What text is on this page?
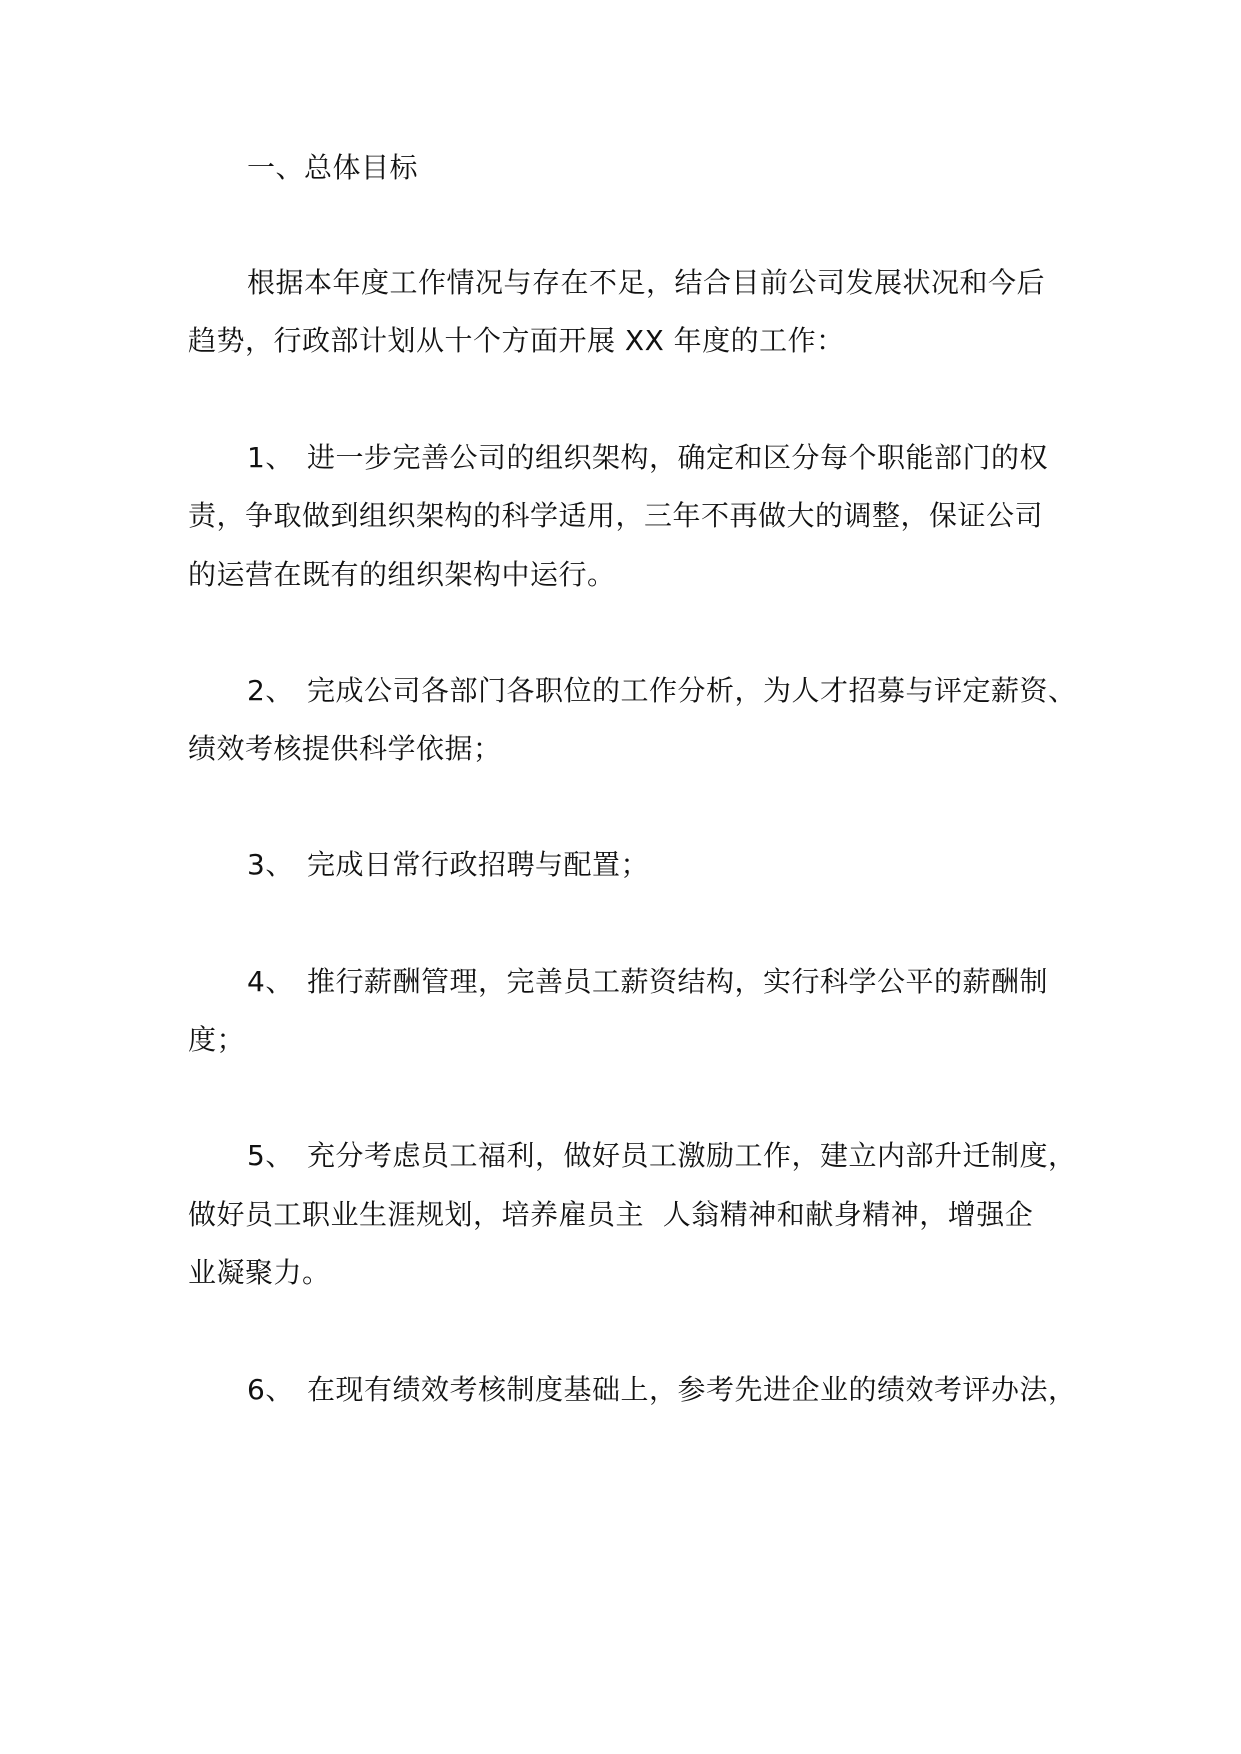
一、总体目标
根据本年度工作情况与存在不足，结合目前公司发展状况和今后
趋势，行政部计划从十个方面开展 XX 年度的工作：
1、 进一步完善公司的组织架构，确定和区分每个职能部门的权
责，争取做到组织架构的科学适用，三年不再做大的调整，保证公司
的运营在既有的组织架构中运行。
2、 完成公司各部门各职位的工作分析，为人才招募与评定薪资、
绩效考核提供科学依据；
3、 完成日常行政招聘与配置；
4、 推行薪酬管理，完善员工薪资结构，实行科学公平的薪酬制
度；
5、 充分考虑员工福利，做好员工激励工作，建立内部升迁制度，
做好员工职业生涯规划，培养雇员主  人翁精神和献身精神，增强企
业凝聚力。
6、 在现有绩效考核制度基础上，参考先进企业的绩效考评办法，
